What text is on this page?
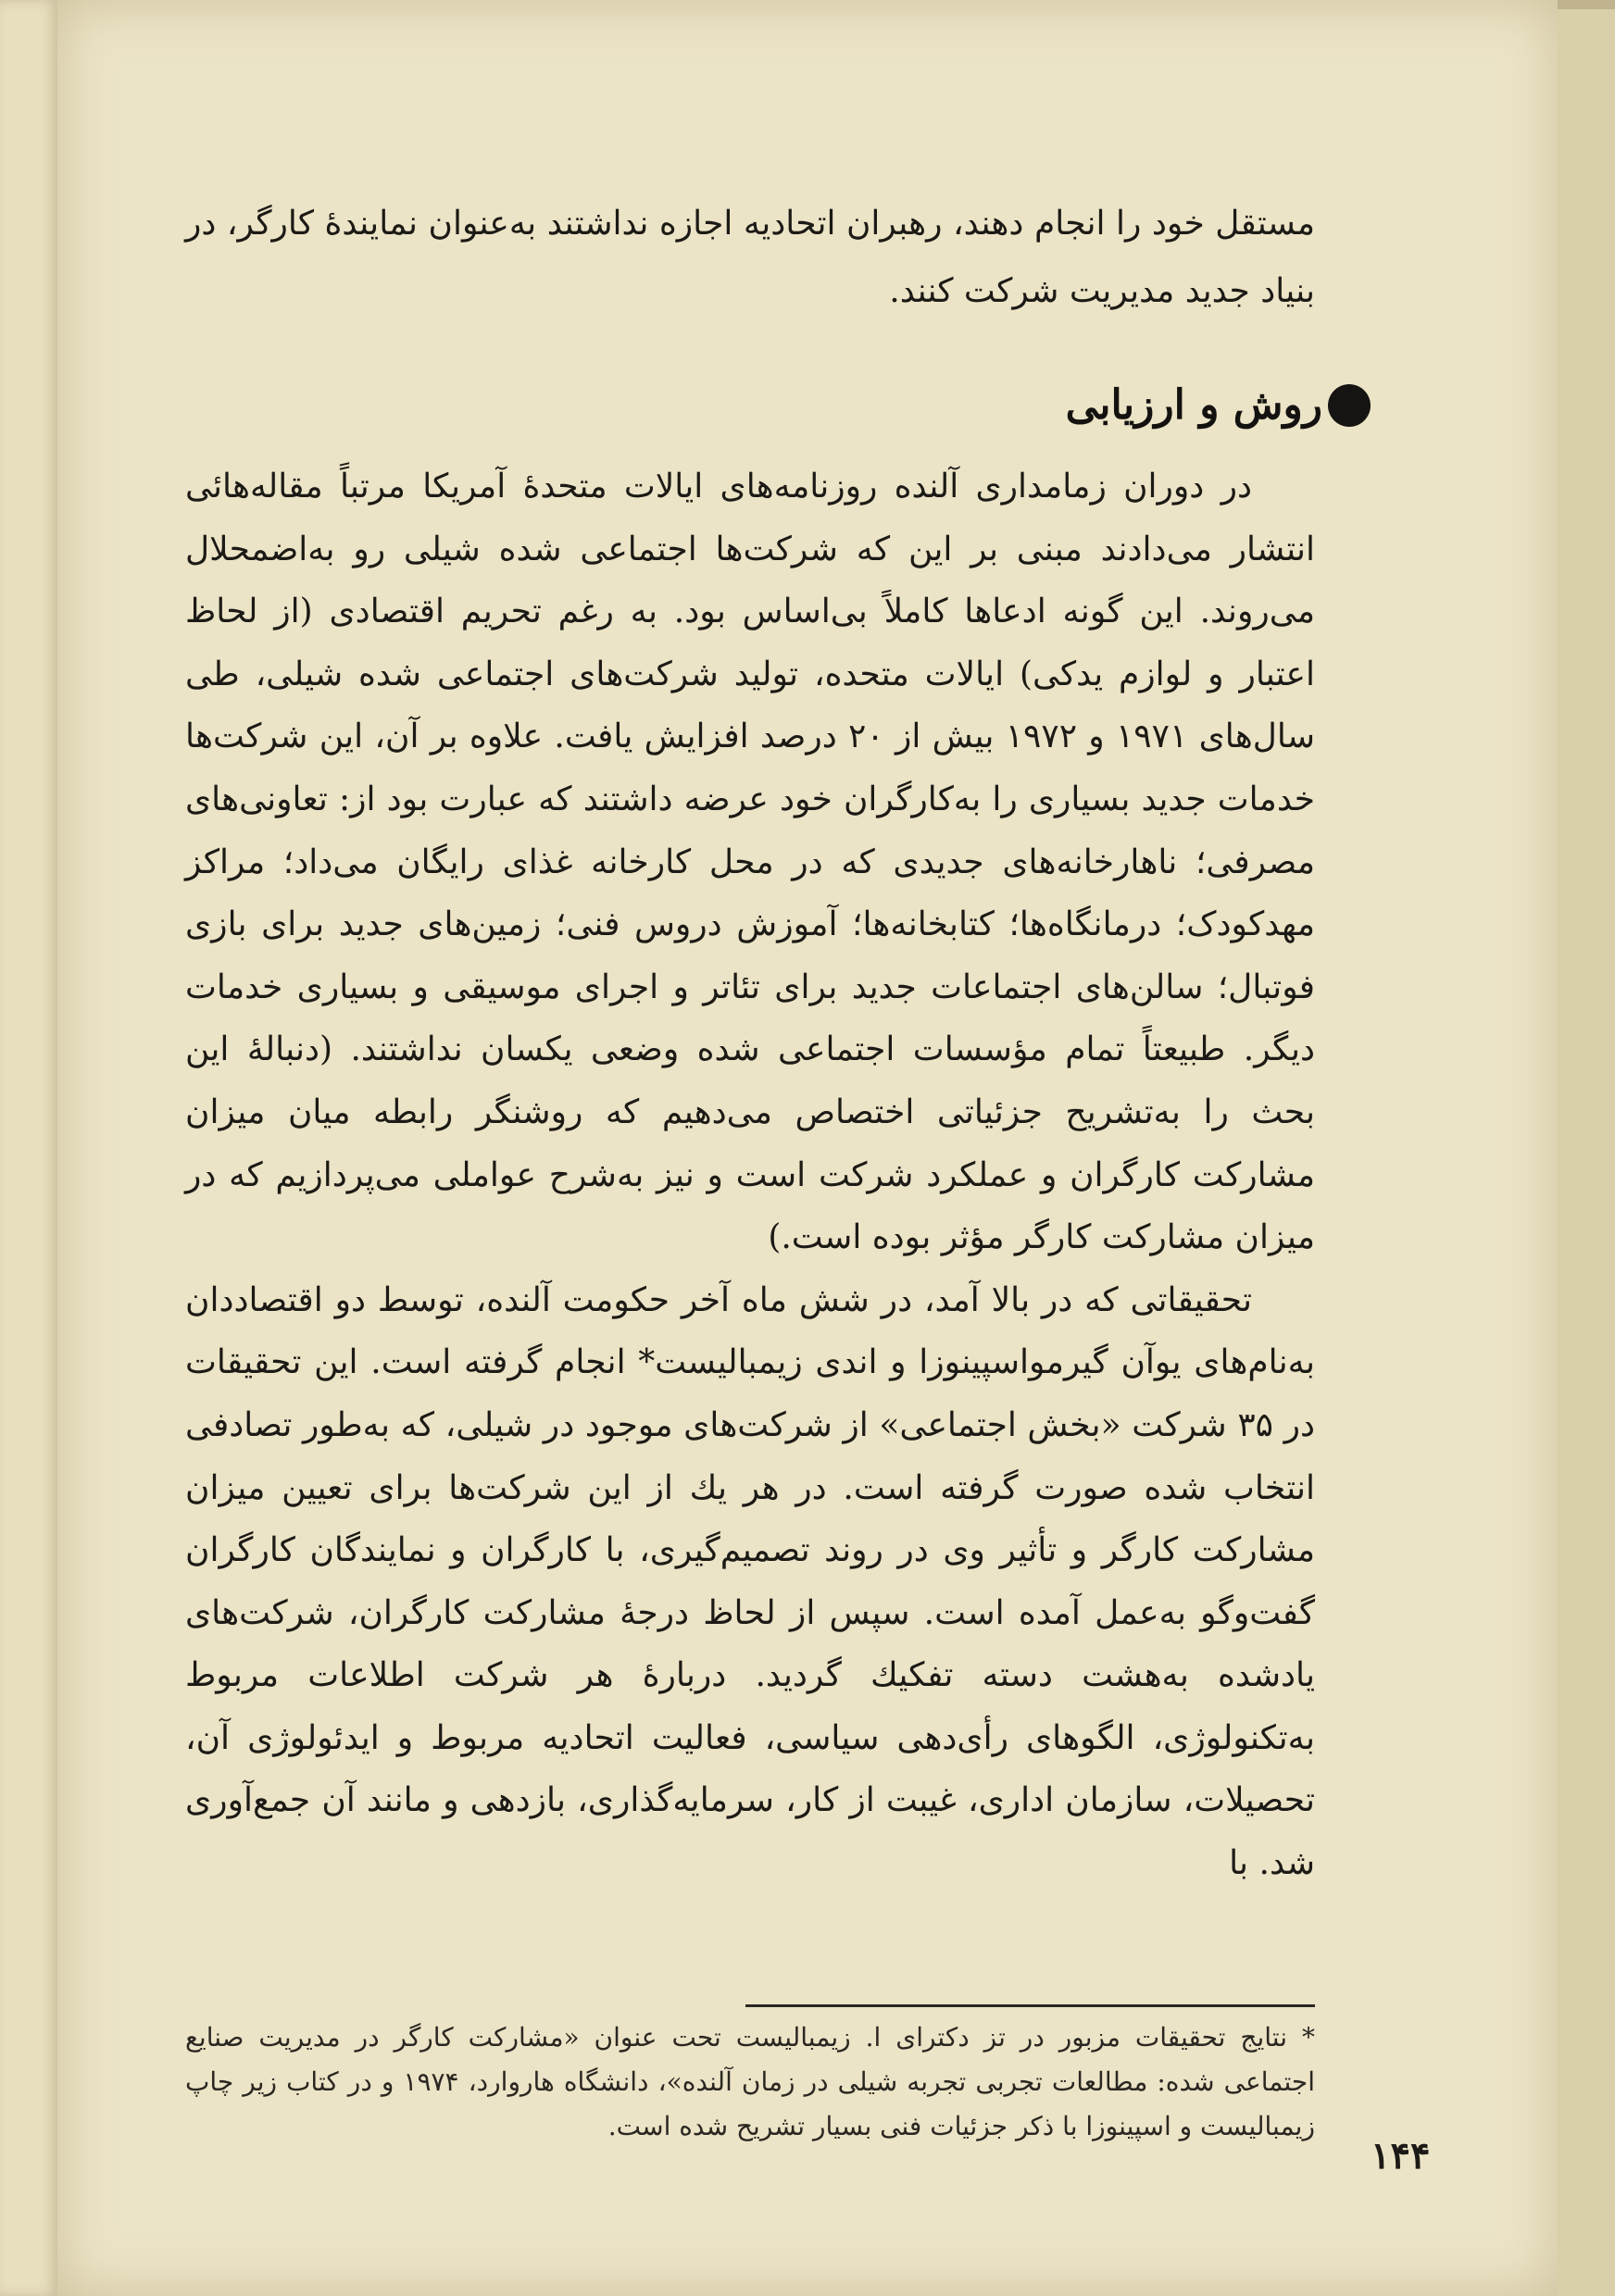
مستقل خود را انجام دهند، رهبران اتحادیه اجازه نداشتند به‌عنوان نمایندهٔ کارگر، در بنیاد جدید مدیریت شرکت کنند.
روش و ارزیابی

در دوران زمامداری آلنده روزنامه‌های ایالات متحدهٔ آمریکا مرتباً مقاله‌هائی انتشار می‌دادند مبنی بر این که شرکت‌ها اجتماعی شده شیلی رو به‌اضمحلال می‌روند. این گونه ادعاها کاملاً بی‌اساس بود. به رغم تحریم اقتصادی (از لحاظ اعتبار و لوازم یدکی) ایالات متحده، تولید شرکت‌های اجتماعی شده شیلی، طی سال‌های ۱۹۷۱ و ۱۹۷۲ بیش از ۲۰ درصد افزایش یافت. علاوه بر آن، این شرکت‌ها خدمات جدید بسیاری را به‌کارگران خود عرضه داشتند که عبارت بود از: تعاونی‌های مصرفی؛ ناهارخانه‌های جدیدی که در محل کارخانه غذای رایگان می‌داد؛ مراکز مهدکودک؛ درمانگاه‌ها؛ کتابخانه‌ها؛ آموزش دروس فنی؛ زمین‌های جدید برای بازی فوتبال؛ سالن‌های اجتماعات جدید برای تئاتر و اجرای موسیقی و بسیاری خدمات دیگر. طبیعتاً تمام مؤسسات اجتماعی شده وضعی یکسان نداشتند. (دنبالهٔ این بحث را به‌تشریح جزئیاتی اختصاص می‌دهیم که روشنگر رابطه میان میزان مشارکت کارگران و عملکرد شرکت است و نیز به‌شرح عواملی می‌پردازیم که در میزان مشارکت کارگر مؤثر بوده است.)

تحقیقاتی که در بالا آمد، در شش ماه آخر حکومت آلنده، توسط دو اقتصاددان به‌نام‌های یوآن گیرمواسپینوزا و اندی زیمبالیست* انجام گرفته است. این تحقیقات در ۳۵ شرکت «بخش اجتماعی» از شرکت‌های موجود در شیلی، که به‌طور تصادفی انتخاب شده صورت گرفته است. در هر یك از این شرکت‌ها برای تعیین میزان مشارکت کارگر و تأثیر وی در روند تصمیم‌گیری، با کارگران و نمایندگان کارگران گفت‌وگو به‌عمل آمده است. سپس از لحاظ درجهٔ مشارکت کارگران، شرکت‌های یادشده به‌هشت دسته تفکیك گردید. دربارهٔ هر شرکت اطلاعات مربوط به‌تکنولوژی، الگوهای رأی‌دهی سیاسی، فعالیت اتحادیه مربوط و ایدئولوژی آن، تحصیلات، سازمان اداری، غیبت از کار، سرمایه‌گذاری، بازدهی و مانند آن جمع‌آوری شد. با

* نتایج تحقیقات مزبور در تز دکترای ا. زیمبالیست تحت عنوان «مشارکت کارگر در مدیریت صنایع اجتماعی شده: مطالعات تجربی تجربه شیلی در زمان آلنده»، دانشگاه هاروارد، ۱۹۷۴ و در کتاب زیر چاپ زیمبالیست و اسپینوزا با ذکر جزئیات فنی بسیار تشریح شده است.
۱۴۴
